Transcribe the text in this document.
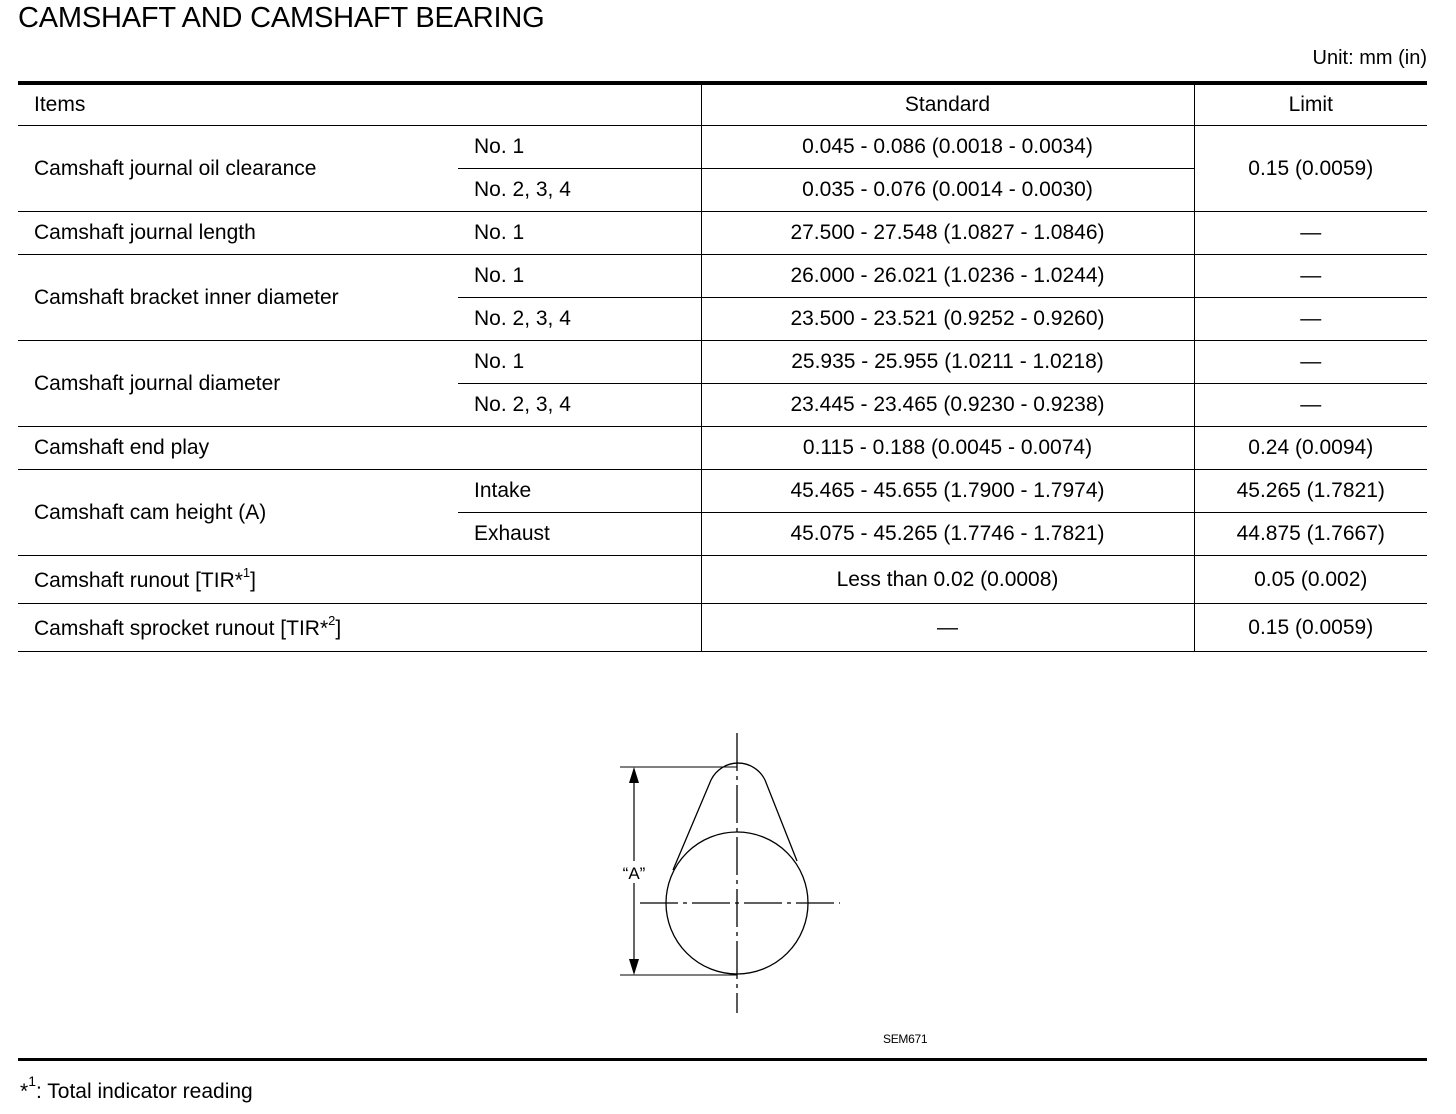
CAMSHAFT AND CAMSHAFT BEARING
Unit: mm (in)
Items		Standard	Limit
Camshaft journal oil clearance	No. 1	0.045 - 0.086 (0.0018 - 0.0034)	0.15 (0.0059)
	No. 2, 3, 4	0.035 - 0.076 (0.0014 - 0.0030)	
Camshaft journal length	No. 1	27.500 - 27.548 (1.0827 - 1.0846)	—
Camshaft bracket inner diameter	No. 1	26.000 - 26.021 (1.0236 - 1.0244)	—
	No. 2, 3, 4	23.500 - 23.521 (0.9252 - 0.9260)	—
Camshaft journal diameter	No. 1	25.935 - 25.955 (1.0211 - 1.0218)	—
	No. 2, 3, 4	23.445 - 23.465 (0.9230 - 0.9238)	—
Camshaft end play		0.115 - 0.188 (0.0045 - 0.0074)	0.24 (0.0094)
Camshaft cam height (A)	Intake	45.465 - 45.655 (1.7900 - 1.7974)	45.265 (1.7821)
	Exhaust	45.075 - 45.265 (1.7746 - 1.7821)	44.875 (1.7667)
Camshaft runout [TIR*$^1$]		Less than 0.02 (0.0008)	0.05 (0.002)
Camshaft sprocket runout [TIR*$^2$]		—	0.15 (0.0059)
“A”
SEM671
*$^1$: Total indicator reading
